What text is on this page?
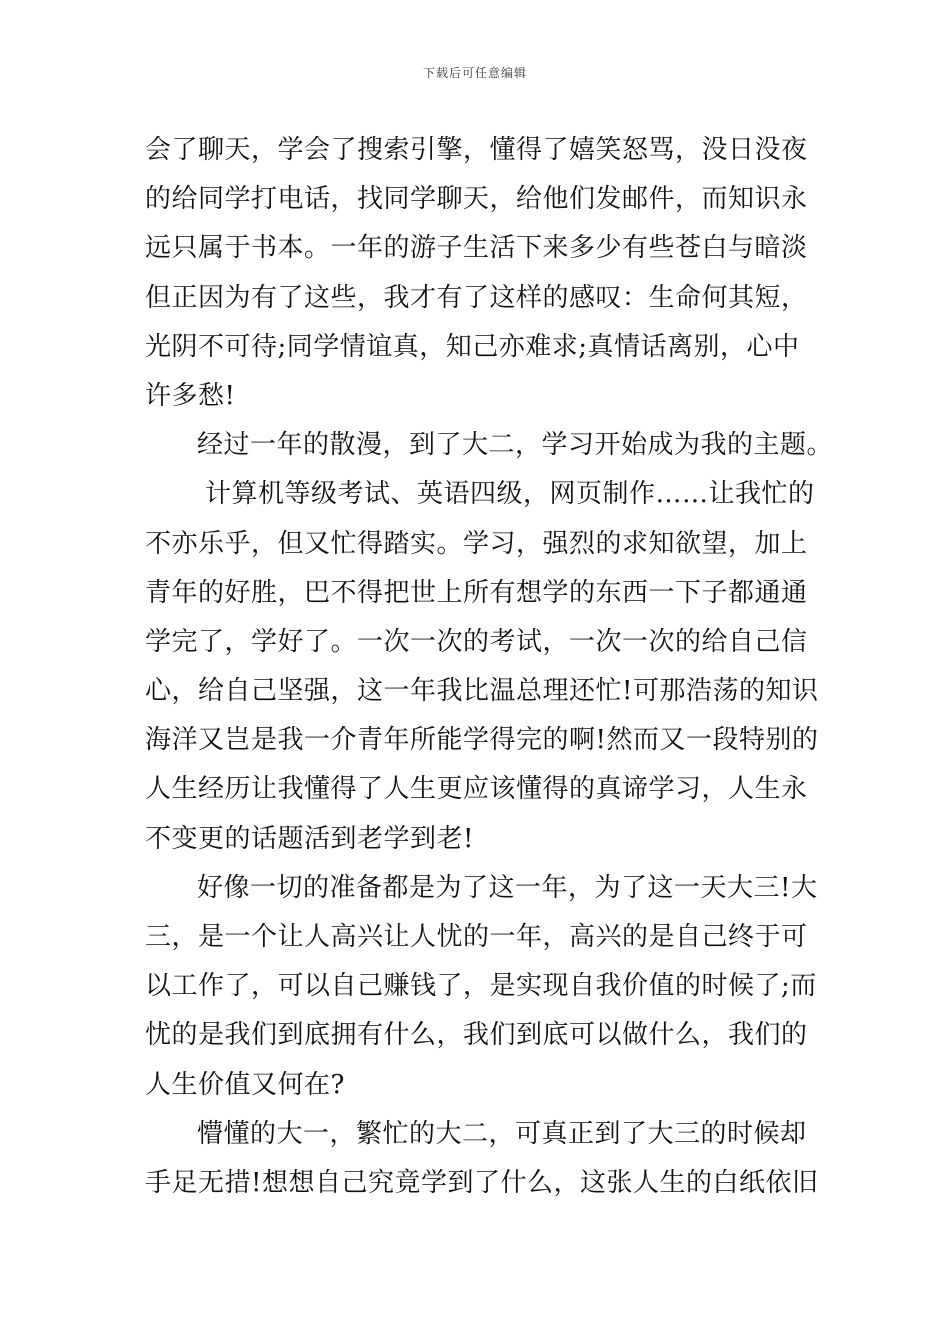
下载后可任意编辑
会了聊天，学会了搜索引擎，懂得了嬉笑怒骂，没日没夜
的给同学打电话，找同学聊天，给他们发邮件，而知识永
远只属于书本。一年的游子生活下来多少有些苍白与暗淡
但正因为有了这些，我才有了这样的感叹：生命何其短，
光阴不可待;同学情谊真，知己亦难求;真情话离别，心中
许多愁!
经过一年的散漫，到了大二，学习开始成为我的主题。
计算机等级考试、英语四级，网页制作……让我忙的
不亦乐乎，但又忙得踏实。学习，强烈的求知欲望，加上
青年的好胜，巴不得把世上所有想学的东西一下子都通通
学完了，学好了。一次一次的考试，一次一次的给自己信
心，给自己坚强，这一年我比温总理还忙!可那浩荡的知识
海洋又岂是我一介青年所能学得完的啊!然而又一段特别的
人生经历让我懂得了人生更应该懂得的真谛学习，人生永
不变更的话题活到老学到老!
好像一切的准备都是为了这一年，为了这一天大三!大
三，是一个让人高兴让人忧的一年，高兴的是自己终于可
以工作了，可以自己赚钱了，是实现自我价值的时候了;而
忧的是我们到底拥有什么，我们到底可以做什么，我们的
人生价值又何在?
懵懂的大一，繁忙的大二，可真正到了大三的时候却
手足无措!想想自己究竟学到了什么，这张人生的白纸依旧
